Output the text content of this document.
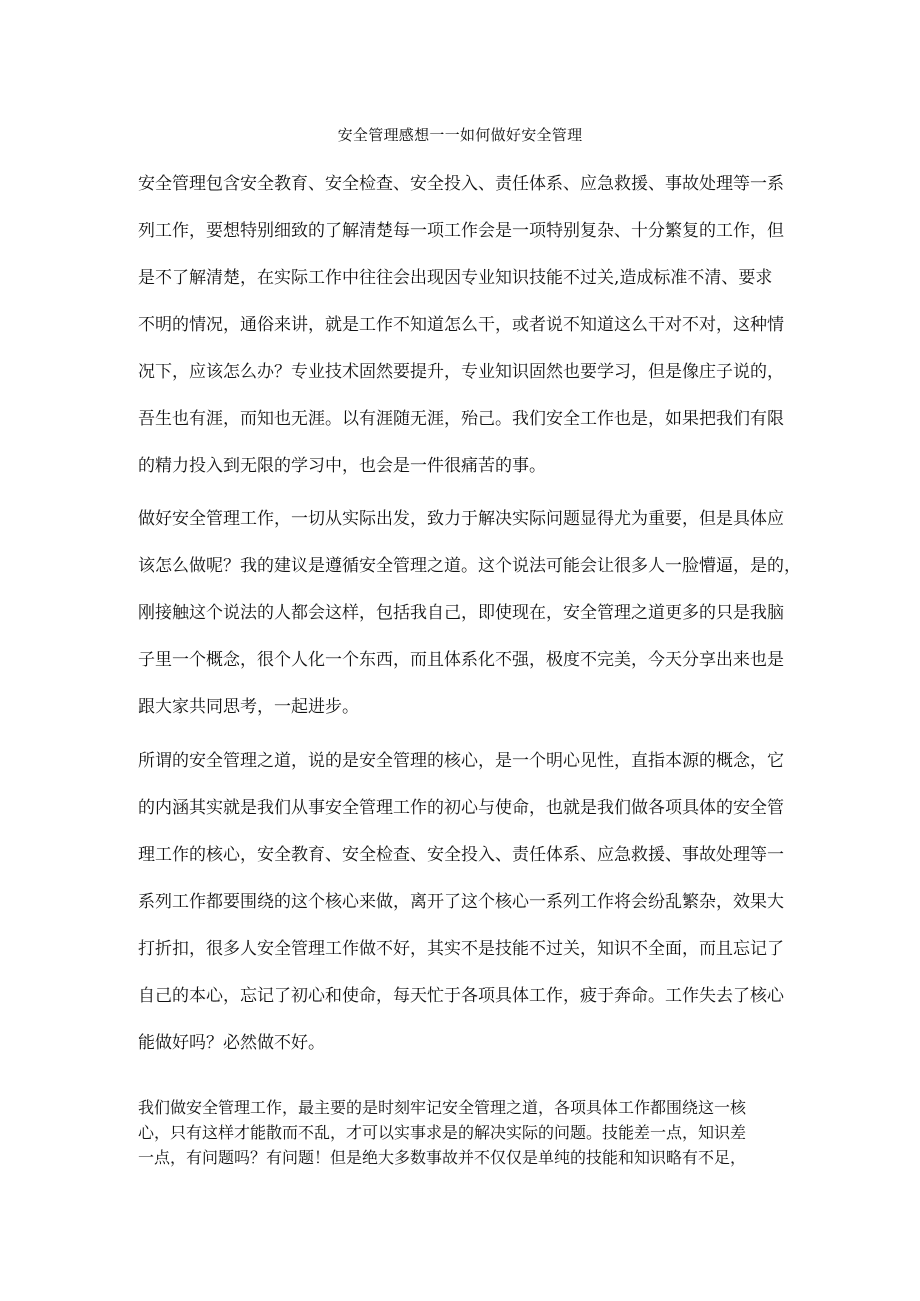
安全管理感想一一如何做好安全管理
安全管理包含安全教育、安全检查、安全投入、责任体系、应急救援、事故处理等一系
列工作，要想特别细致的了解清楚每一项工作会是一项特别复杂、十分繁复的工作，但
是不了解清楚，在实际工作中往往会出现因专业知识技能不过关,造成标准不清、要求
不明的情况，通俗来讲，就是工作不知道怎么干，或者说不知道这么干对不对，这种情
况下，应该怎么办？专业技术固然要提升，专业知识固然也要学习，但是像庄子说的，
吾生也有涯，而知也无涯。以有涯随无涯，殆己。我们安全工作也是，如果把我们有限
的精力投入到无限的学习中，也会是一件很痛苦的事。
做好安全管理工作，一切从实际出发，致力于解决实际问题显得尤为重要，但是具体应
该怎么做呢？我的建议是遵循安全管理之道。这个说法可能会让很多人一脸懵逼，是的，
刚接触这个说法的人都会这样，包括我自己，即使现在，安全管理之道更多的只是我脑
子里一个概念，很个人化一个东西，而且体系化不强，极度不完美，今天分享出来也是
跟大家共同思考，一起进步。
所谓的安全管理之道，说的是安全管理的核心，是一个明心见性，直指本源的概念，它
的内涵其实就是我们从事安全管理工作的初心与使命，也就是我们做各项具体的安全管
理工作的核心，安全教育、安全检查、安全投入、责任体系、应急救援、事故处理等一
系列工作都要围绕的这个核心来做，离开了这个核心一系列工作将会纷乱繁杂，效果大
打折扣，很多人安全管理工作做不好，其实不是技能不过关，知识不全面，而且忘记了
自己的本心，忘记了初心和使命，每天忙于各项具体工作，疲于奔命。工作失去了核心
能做好吗？必然做不好。
我们做安全管理工作，最主要的是时刻牢记安全管理之道，各项具体工作都围绕这一核
心，只有这样才能散而不乱，才可以实事求是的解决实际的问题。技能差一点，知识差
一点，有问题吗？有问题！但是绝大多数事故并不仅仅是单纯的技能和知识略有不足，
